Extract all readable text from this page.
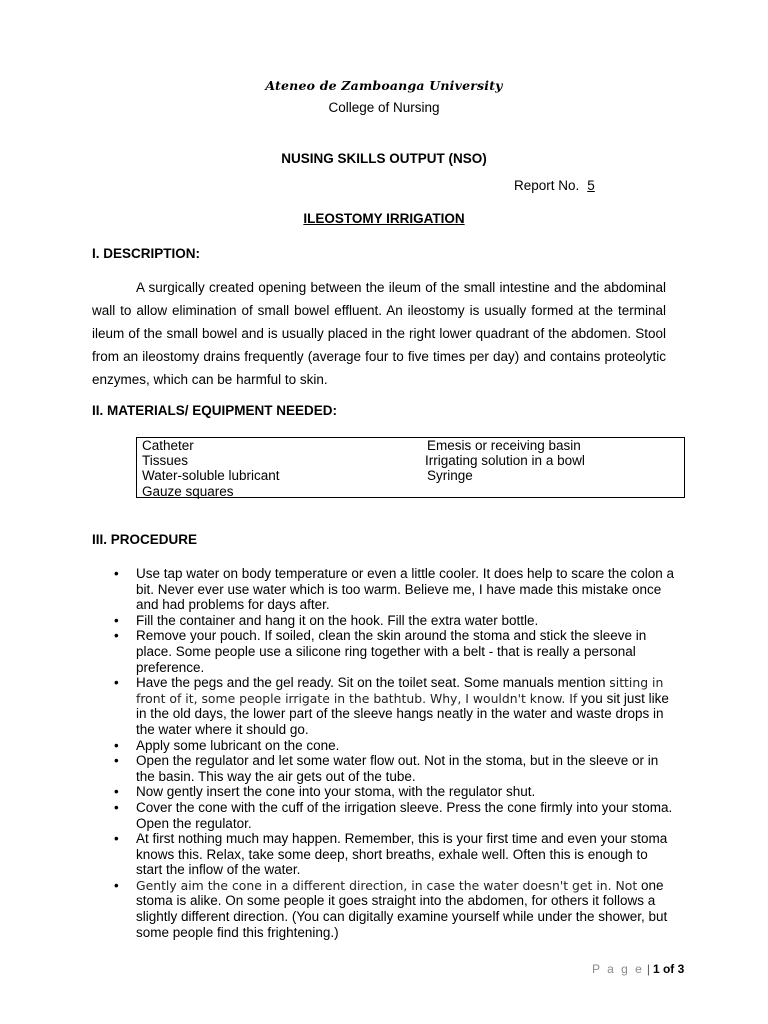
Ateneo de Zamboanga University
College of Nursing
NUSING SKILLS OUTPUT (NSO)
Report No. 5
ILEOSTOMY IRRIGATION
I. DESCRIPTION:

A surgically created opening between the ileum of the small intestine and the abdominal wall to allow elimination of small bowel effluent. An ileostomy is usually formed at the terminal ileum of the small bowel and is usually placed in the right lower quadrant of the abdomen. Stool from an ileostomy drains frequently (average four to five times per day) and contains proteolytic enzymes, which can be harmful to skin.

II. MATERIALS/ EQUIPMENT NEEDED:
Catheter
Tissues
Water-soluble lubricant
Gauze squares
Emesis or receiving basin
Irrigating solution in a bowl
Syringe
III. PROCEDURE
• Use tap water on body temperature or even a little cooler. It does help to scare the colon a bit. Never ever use water which is too warm. Believe me, I have made this mistake once and had problems for days after.
• Fill the container and hang it on the hook. Fill the extra water bottle.
• Remove your pouch. If soiled, clean the skin around the stoma and stick the sleeve in place. Some people use a silicone ring together with a belt - that is really a personal preference.
• Have the pegs and the gel ready. Sit on the toilet seat. Some manuals mention sitting in front of it, some people irrigate in the bathtub. Why, I wouldn't know. If you sit just like in the old days, the lower part of the sleeve hangs neatly in the water and waste drops in the water where it should go.
• Apply some lubricant on the cone.
• Open the regulator and let some water flow out. Not in the stoma, but in the sleeve or in the basin. This way the air gets out of the tube.
• Now gently insert the cone into your stoma, with the regulator shut.
• Cover the cone with the cuff of the irrigation sleeve. Press the cone firmly into your stoma. Open the regulator.
• At first nothing much may happen. Remember, this is your first time and even your stoma knows this. Relax, take some deep, short breaths, exhale well. Often this is enough to start the inflow of the water.
• Gently aim the cone in a different direction, in case the water doesn't get in. Not one stoma is alike. On some people it goes straight into the abdomen, for others it follows a slightly different direction. (You can digitally examine yourself while under the shower, but some people find this frightening.)
P a g e | 1 of 3
